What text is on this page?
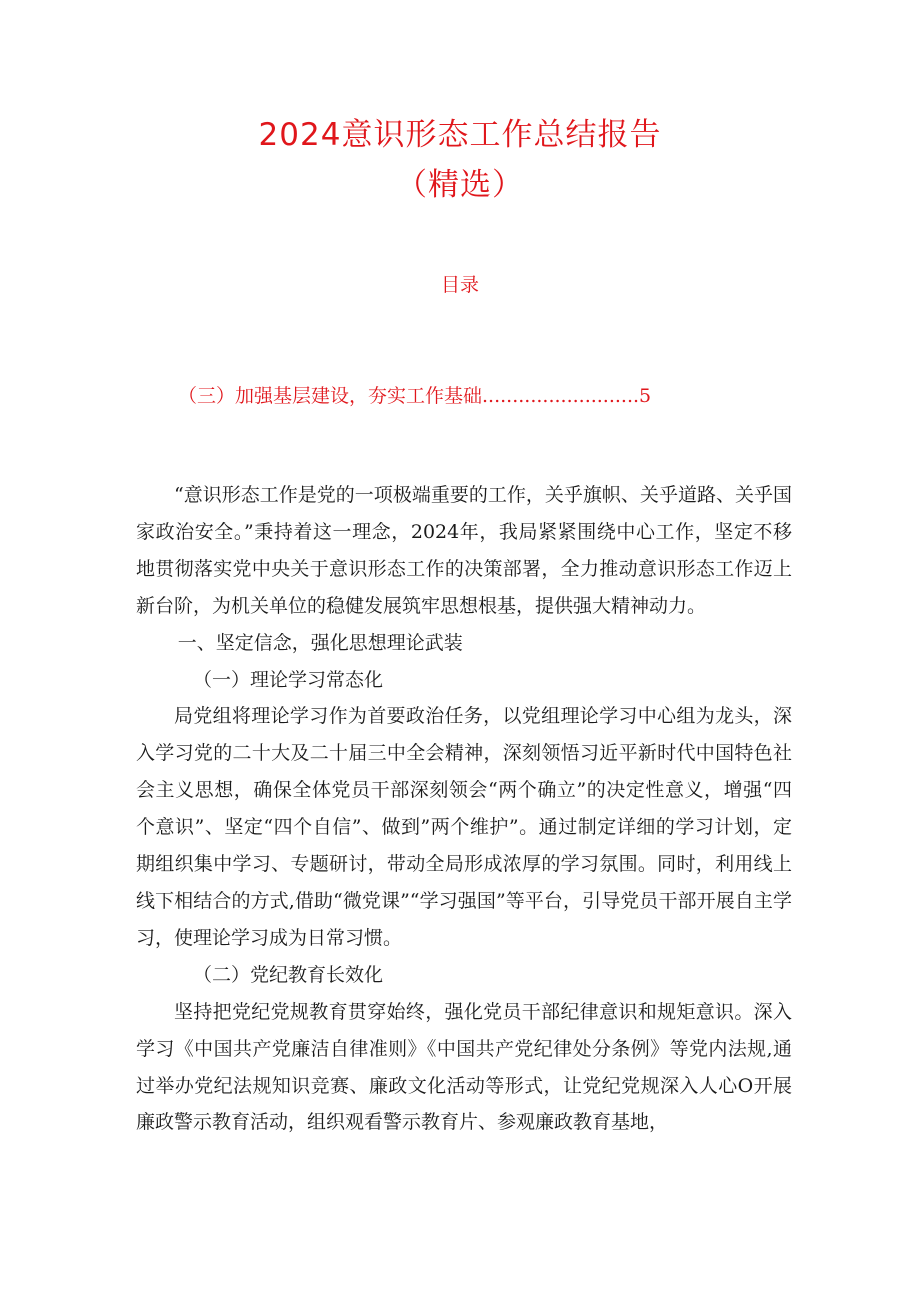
2024意识形态工作总结报告
（精选）
目录
（三）加强基层建设，夯实工作基础..........................5

“意识形态工作是党的一项极端重要的工作，关乎旗帜、关乎道路、关乎国家政治安全。”秉持着这一理念，2024年，我局紧紧围绕中心工作，坚定不移地贯彻落实党中央关于意识形态工作的决策部署，全力推动意识形态工作迈上新台阶，为机关单位的稳健发展筑牢思想根基，提供强大精神动力。

一、坚定信念，强化思想理论武装

（一）理论学习常态化

局党组将理论学习作为首要政治任务，以党组理论学习中心组为龙头，深入学习党的二十大及二十届三中全会精神，深刻领悟习近平新时代中国特色社会主义思想，确保全体党员干部深刻领会“两个确立”的决定性意义，增强“四个意识”、坚定“四个自信”、做到”两个维护”。通过制定详细的学习计划，定期组织集中学习、专题研讨，带动全局形成浓厚的学习氛围。同时，利用线上线下相结合的方式,借助“微党课”“学习强国”等平台，引导党员干部开展自主学习，使理论学习成为日常习惯。

（二）党纪教育长效化

坚持把党纪党规教育贯穿始终，强化党员干部纪律意识和规矩意识。深入学习《中国共产党廉洁自律准则》《中国共产党纪律处分条例》等党内法规,通过举办党纪法规知识竞赛、廉政文化活动等形式，让党纪党规深入人心O开展廉政警示教育活动，组织观看警示教育片、参观廉政教育基地，
